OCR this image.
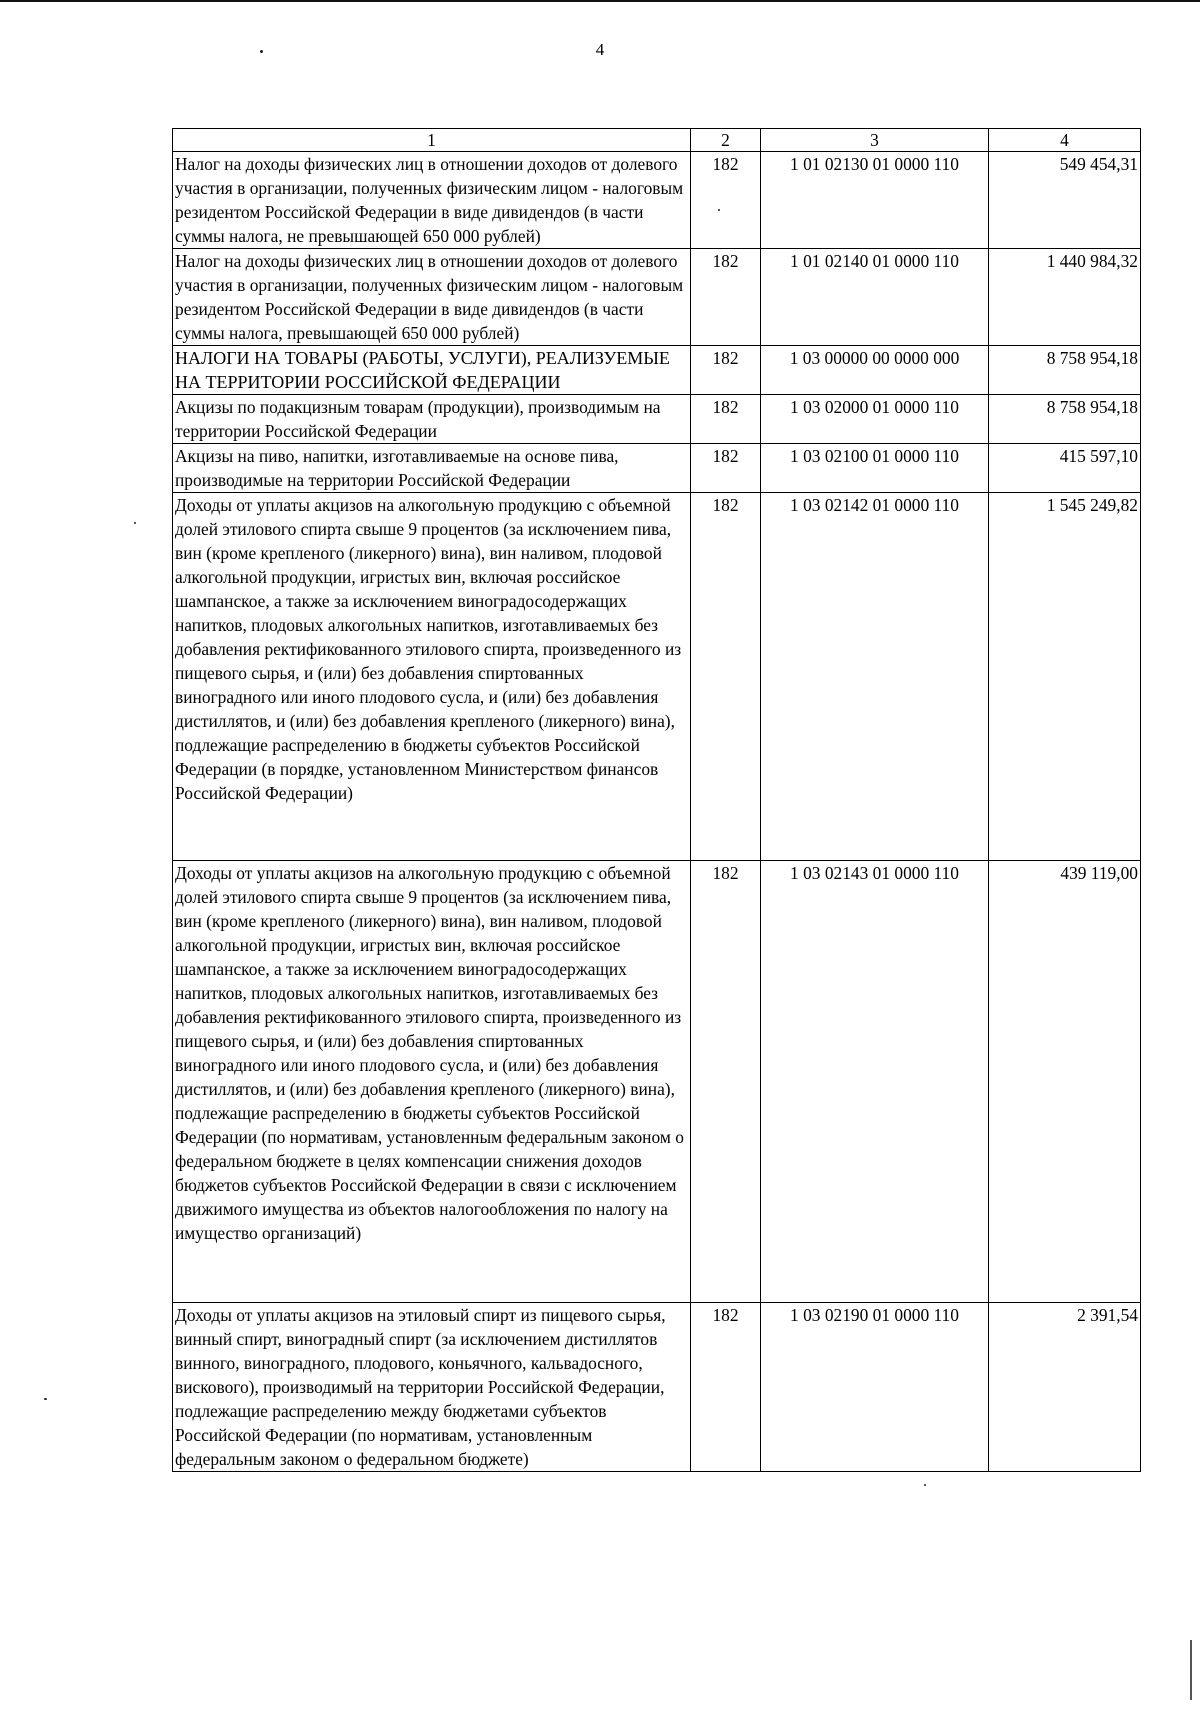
4
1	2	3	4
Налог на доходы физических лиц в отношении доходов от долевого участия в организации, полученных физическим лицом - налоговым резидентом Российской Федерации в виде дивидендов (в части суммы налога, не превышающей 650 000 рублей)	182	1 01 02130 01 0000 110	549 454,31
Налог на доходы физических лиц в отношении доходов от долевого участия в организации, полученных физическим лицом - налоговым резидентом Российской Федерации в виде дивидендов (в части суммы налога, превышающей 650 000 рублей)	182	1 01 02140 01 0000 110	1 440 984,32
НАЛОГИ НА ТОВАРЫ (РАБОТЫ, УСЛУГИ), РЕАЛИЗУЕМЫЕ НА ТЕРРИТОРИИ РОССИЙСКОЙ ФЕДЕРАЦИИ	182	1 03 00000 00 0000 000	8 758 954,18
Акцизы по подакцизным товарам (продукции), производимым на территории Российской Федерации	182	1 03 02000 01 0000 110	8 758 954,18
Акцизы на пиво, напитки, изготавливаемые на основе пива, производимые на территории Российской Федерации	182	1 03 02100 01 0000 110	415 597,10
Доходы от уплаты акцизов на алкогольную продукцию с объемной долей этилового спирта свыше 9 процентов (за исключением пива, вин (кроме крепленого (ликерного) вина), вин наливом, плодовой алкогольной продукции, игристых вин, включая российское шампанское, а также за исключением виноградосодержащих напитков, плодовых алкогольных напитков, изготавливаемых без добавления ректификованного этилового спирта, произведенного из пищевого сырья, и (или) без добавления спиртованных виноградного или иного плодового сусла, и (или) без добавления дистиллятов, и (или) без добавления крепленого (ликерного) вина), подлежащие распределению в бюджеты субъектов Российской Федерации (в порядке, установленном Министерством финансов Российской Федерации)	182	1 03 02142 01 0000 110	1 545 249,82
Доходы от уплаты акцизов на алкогольную продукцию с объемной долей этилового спирта свыше 9 процентов (за исключением пива, вин (кроме крепленого (ликерного) вина), вин наливом, плодовой алкогольной продукции, игристых вин, включая российское шампанское, а также за исключением виноградосодержащих напитков, плодовых алкогольных напитков, изготавливаемых без добавления ректификованного этилового спирта, произведенного из пищевого сырья, и (или) без добавления спиртованных виноградного или иного плодового сусла, и (или) без добавления дистиллятов, и (или) без добавления крепленого (ликерного) вина), подлежащие распределению в бюджеты субъектов Российской Федерации (по нормативам, установленным федеральным законом о федеральном бюджете в целях компенсации снижения доходов бюджетов субъектов Российской Федерации в связи с исключением движимого имущества из объектов налогообложения по налогу на имущество организаций)	182	1 03 02143 01 0000 110	439 119,00
Доходы от уплаты акцизов на этиловый спирт из пищевого сырья, винный спирт, виноградный спирт (за исключением дистиллятов винного, виноградного, плодового, коньячного, кальвадосного, вискового), производимый на территории Российской Федерации, подлежащие распределению между бюджетами субъектов Российской Федерации (по нормативам, установленным федеральным законом о федеральном бюджете)	182	1 03 02190 01 0000 110	2 391,54
